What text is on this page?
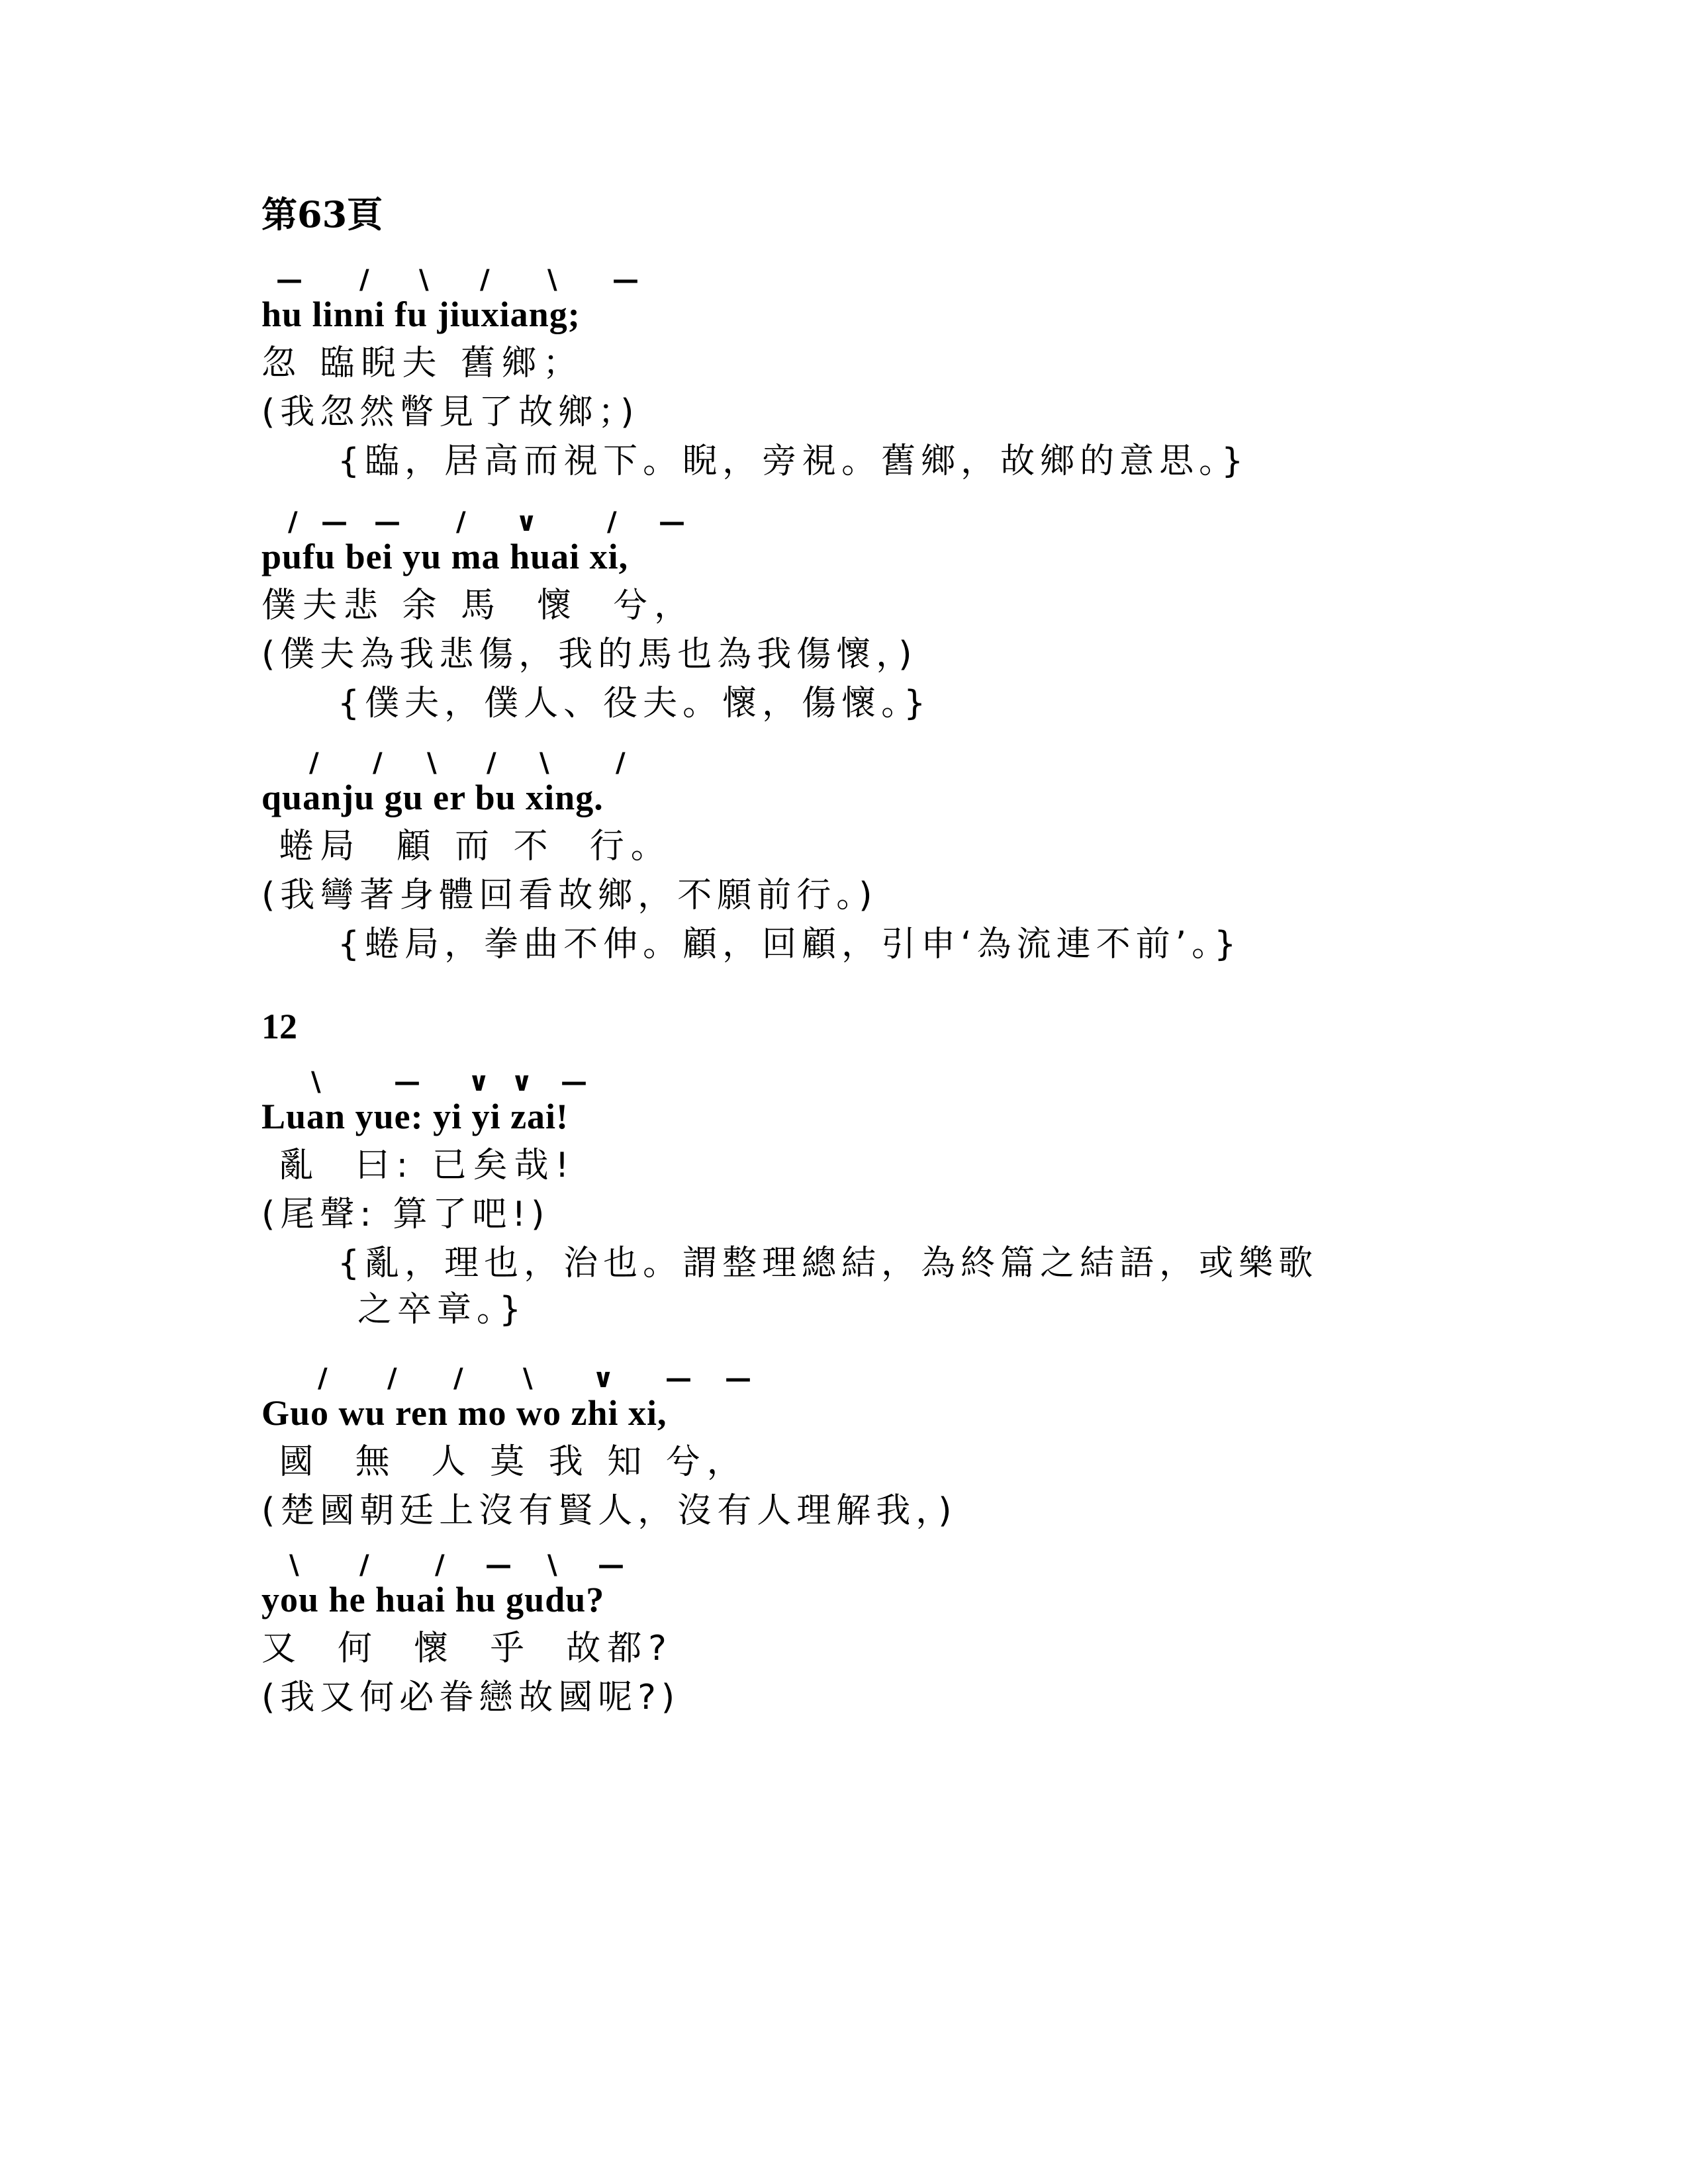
第63頁
— / \ / \ —
hu linni fu jiuxiang;
忽 臨睨夫 舊鄉；
(我忽然瞥見了故鄉；)
{臨，居高而視下。睨，旁視。舊鄉，故鄉的意思。}
/ — — / ∨	/ —
pufu bei yu ma huai xi,
僕夫悲 余 馬  懷  兮，
(僕夫為我悲傷，我的馬也為我傷懷，)
{僕夫，僕人、役夫。懷，傷懷。}
/ / \ / \	/
quanju gu er bu xing.
蜷局  顧 而 不  行。
(我彎著身體回看故鄉，不願前行。)
{蜷局，拳曲不伸。顧，回顧，引申‘為流連不前’。}
12
\	— ∨ ∨ —
Luan yue: yi yi zai!
亂  曰: 已矣哉!
(尾聲: 算了吧!)
{亂，理也，治也。謂整理總結，為終篇之結語，或樂歌
之卒章。}
/ / / \ ∨ — —
Guo wu ren mo wo zhi xi,
國  無  人 莫 我 知 兮，
(楚國朝廷上沒有賢人，沒有人理解我，)
\ / / — \ —
you he huai hu gudu?
又  何  懷  乎  故都?
(我又何必眷戀故國呢?)
